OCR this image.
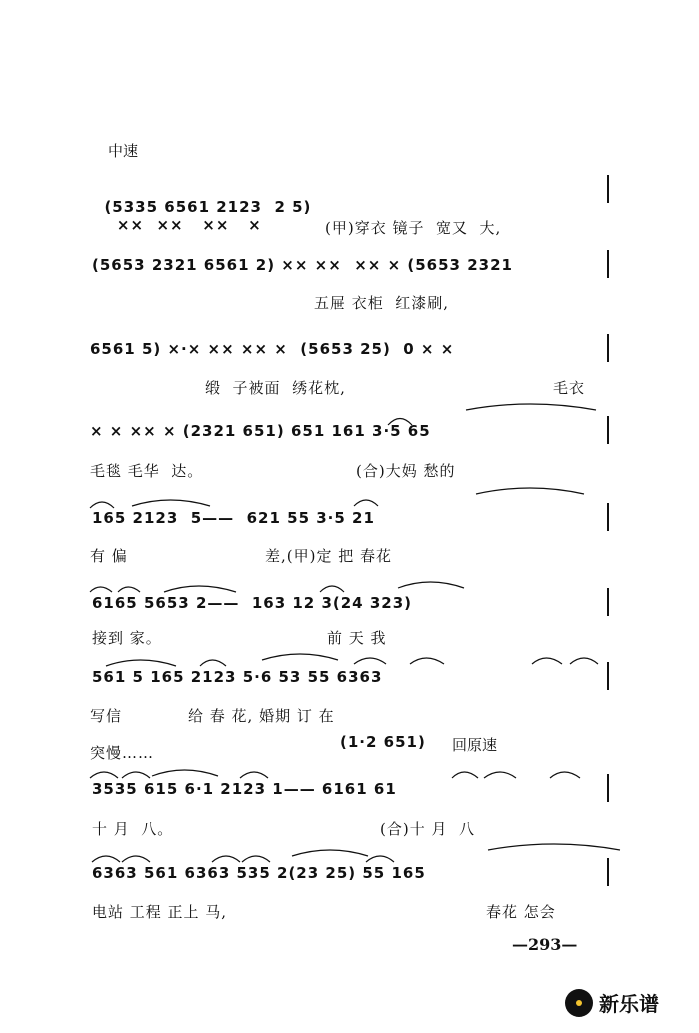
中速

(5335 6561 2123  2 5)
××  ××   ××   ×	(甲)穿衣 镜子  宽又  大,
(5653 2321 6561 2) ×× ××  ×× × (5653 2321
五屉 衣柜  红漆刷,
6561 5) ×·× ×× ×× ×  (5653 25)  0 × ×
缎  子被面  绣花枕,	毛衣
× × ×× × (2321 651) 651 161 3·5 65
毛毯 毛华  达。	(合)大妈 愁的
165 2123  5——  621 55 3·5 21
有 偏	差,(甲)定 把 春花
6165 5653 2——  163 12 3(24 323)
接到 家。	前 天 我
561 5 165 2123 5·6 53 55 6363
写信	给 春 花, 婚期 订 在
突慢……
(1·2 651) 回原速
3535 615 6·1 2123 1—— 6161 61
十 月  八。	(合)十 月  八
6363 561 6363 535 2(23 25) 55 165
电站 工程 正上 马,	春花 怎会
—293—
新乐谱
